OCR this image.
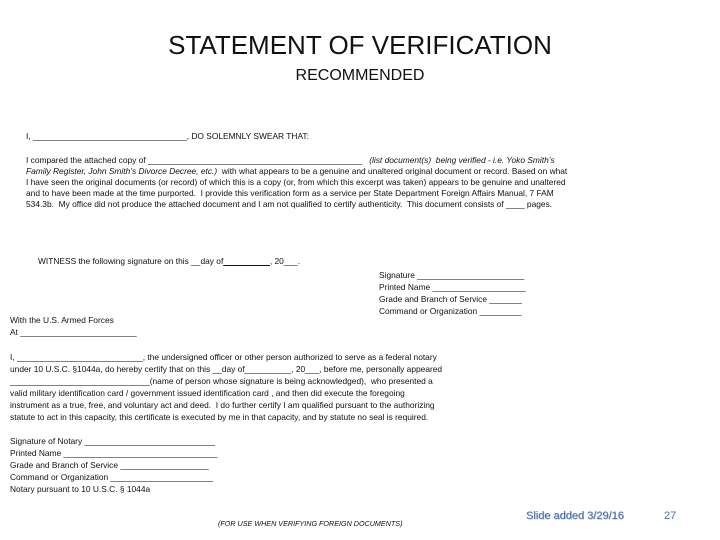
STATEMENT OF VERIFICATION
RECOMMENDED
I, _________________________________, DO SOLEMNLY SWEAR THAT:
I compared the attached copy of ______________________________________________   (list document(s)  being verified - i.e. Yoko Smith’s
Family Register, John Smith’s Divorce Decree, etc.)  with what appears to be a genuine and unaltered original document or record. Based on what
I have seen the original documents (or record) of which this is a copy (or, from which this excerpt was taken) appears to be genuine and unaltered
and to have been made at the time purported.  I provide this verification form as a service per State Department Foreign Affairs Manual, 7 FAM
534.3b.  My office did not produce the attached document and I am not qualified to certify authenticity.  This document consists of ____ pages.
WITNESS the following signature on this __day of__________, 20___.
Signature _______________________
Printed Name ____________________
Grade and Branch of Service _______
Command or Organization _________
With the U.S. Armed Forces
At _________________________
I, ___________________________, the undersigned officer or other person authorized to serve as a federal notary
under 10 U.S.C. §1044a, do hereby certify that on this __day of__________, 20___, before me, personally appeared
______________________________(name of person whose signature is being acknowledged),  who presented a
valid military identification card / government issued identification card , and then did execute the foregoing
instrument as a true, free, and voluntary act and deed.  I do further certify I am qualified pursuant to the authorizing
statute to act in this capacity, this certificate is executed by me in that capacity, and by statute no seal is required.
Signature of Notary ____________________________
Printed Name _________________________________
Grade and Branch of Service ___________________
Command or Organization ______________________
Notary pursuant to 10 U.S.C. § 1044a
(FOR USE WHEN VERIFYING FOREIGN DOCUMENTS)
Slide added 3/29/16	27
